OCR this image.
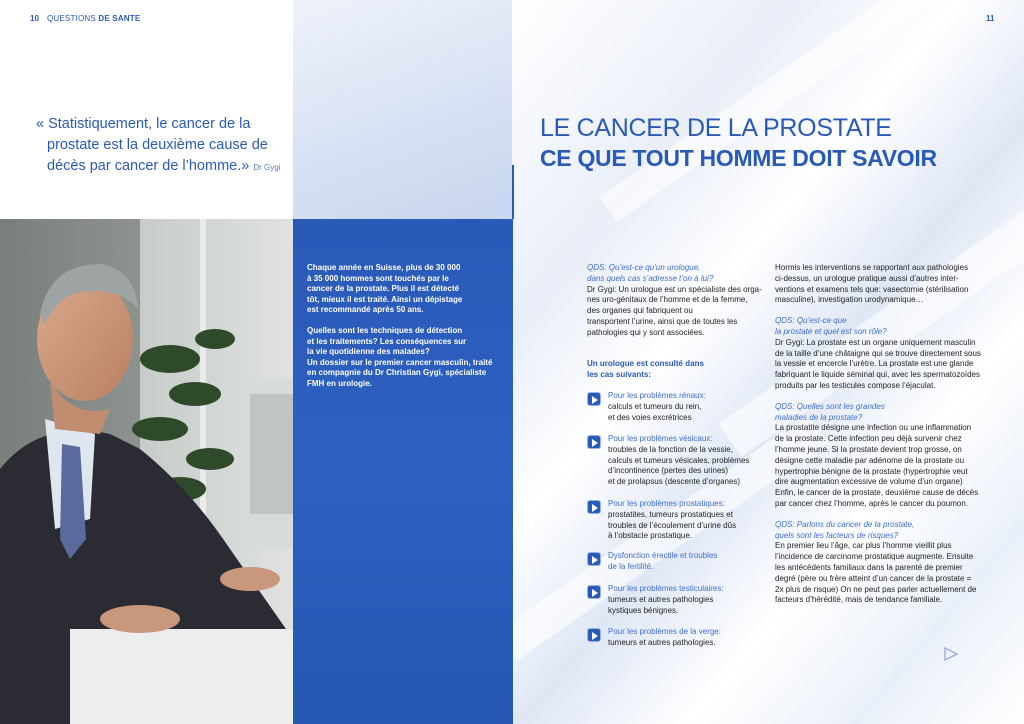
10 QUESTIONS DE SANTE	11
« Statistiquement, le cancer de la
prostate est la deuxième cause de
décès par cancer de l’homme.» Dr Gygi
LE CANCER DE LA PROSTATE
CE QUE TOUT HOMME DOIT SAVOIR

Chaque année en Suisse, plus de 30 000
à 35 000 hommes sont touchés par le
cancer de la prostate. Plus il est détecté
tôt, mieux il est traité. Ainsi un dépistage
est recommandé après 50 ans.

Quelles sont les techniques de détection
et les traitements? Les conséquences sur
la vie quotidienne des malades?
Un dossier sur le premier cancer masculin, traité
en compagnie du Dr Christian Gygi, spécialiste
FMH en urologie.

QDS: Qu’est-ce qu’un urologue,
dans quels cas s’adresse t’on à lui?
Dr Gygi: Un urologue est un spécialiste des orga-
nes uro-génitaux de l’homme et de la femme,
des organes qui fabriquent ou
transportent l’urine, ainsi que de toutes les
pathologies qui y sont associées.
Un urologue est consulté dans
les cas suivants:
Pour les problèmes rénaux:
calculs et tumeurs du rein,
et des voies excrétrices
Pour les problèmes vésicaux:
troubles de la fonction de la vessie,
calculs et tumeurs vésicales, problèmes
d’incontinence (pertes des urines)
et de prolapsus (descente d’organes)
Pour les problèmes prostatiques:
prostatites, tumeurs prostatiques et
troubles de l’écoulement d’urine dûs
à l’obstacle prostatique.
Dysfonction érectile et troubles
de la fertilité.
Pour les problèmes testiculaires:
tumeurs et autres pathologies
kystiques bénignes.
Pour les problèmes de la verge:
tumeurs et autres pathologies.
Hormis les interventions se rapportant aux pathologies
ci-dessus, un urologue pratique aussi d’autres inter-
ventions et examens tels que: vasectomie (stérilisation
masculine), investigation urodynamique…
QDS: Qu’est-ce que
la prostate et quel est son rôle?
Dr Gygi: La prostate est un organe uniquement masculin
de la taille d’une châtaigne qui se trouve directement sous
la vessie et encercle l’urètre. La prostate est une glande
fabriquant le liquide séminal qui, avec les spermatozoïdes
produits par les testicules compose l’éjaculat.
QDS: Quelles sont les grandes
maladies de la prostate?
La prostatite désigne une infection ou une inflammation
de la prostate. Cette infection peu déjà survenir chez
l’homme jeune. Si la prostate devient trop grosse, on
désigne cette maladie par adénome de la prostate ou
hypertrophie bénigne de la prostate (hypertrophie veut
dire augmentation excessive de volume d’un organe)
Enfin, le cancer de la prostate, deuxième cause de décès
par cancer chez l’homme, après le cancer du poumon.
QDS: Parlons du cancer de la prostate,
quels sont les facteurs de risques?
En premier lieu l’âge, car plus l’homme vieillit plus
l’incidence de carcinome prostatique augmente. Ensuite
les antécédents familiaux dans la parenté de premier
degré (père ou frère atteint d’un cancer de la prostate =
2x plus de risque) On ne peut pas parler actuellement de
facteurs d’hérédité, mais de tendance familiale.
